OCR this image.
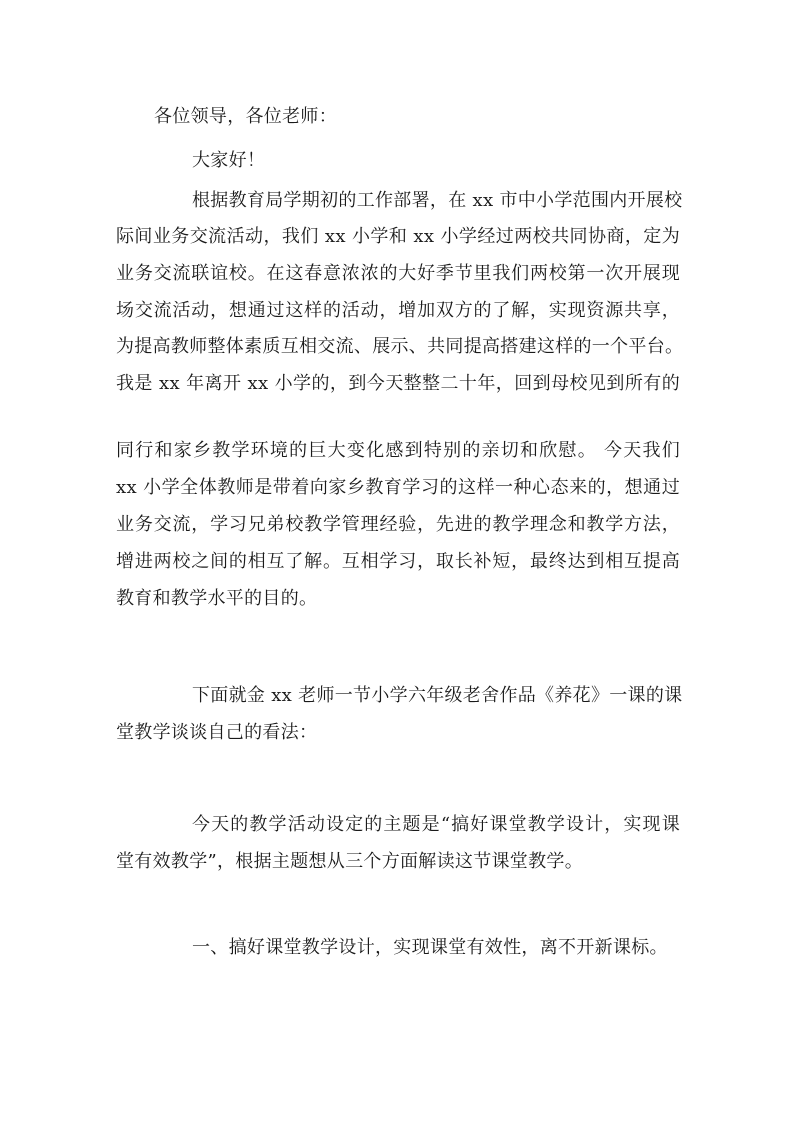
各位领导，各位老师：
大家好！
根据教育局学期初的工作部署，在 xx 市中小学范围内开展校
际间业务交流活动，我们 xx 小学和 xx 小学经过两校共同协商，定为
业务交流联谊校。在这春意浓浓的大好季节里我们两校第一次开展现
场交流活动，想通过这样的活动，增加双方的了解，实现资源共享，
为提高教师整体素质互相交流、展示、共同提高搭建这样的一个平台。
我是 xx 年离开 xx 小学的，到今天整整二十年，回到母校见到所有的
同行和家乡教学环境的巨大变化感到特别的亲切和欣慰。 今天我们
xx 小学全体教师是带着向家乡教育学习的这样一种心态来的，想通过
业务交流，学习兄弟校教学管理经验，先进的教学理念和教学方法，
增进两校之间的相互了解。互相学习，取长补短，最终达到相互提高
教育和教学水平的目的。
下面就金 xx 老师一节小学六年级老舍作品《养花》一课的课
堂教学谈谈自己的看法：
今天的教学活动设定的主题是“搞好课堂教学设计，实现课
堂有效教学”，根据主题想从三个方面解读这节课堂教学。
一、搞好课堂教学设计，实现课堂有效性，离不开新课标。
